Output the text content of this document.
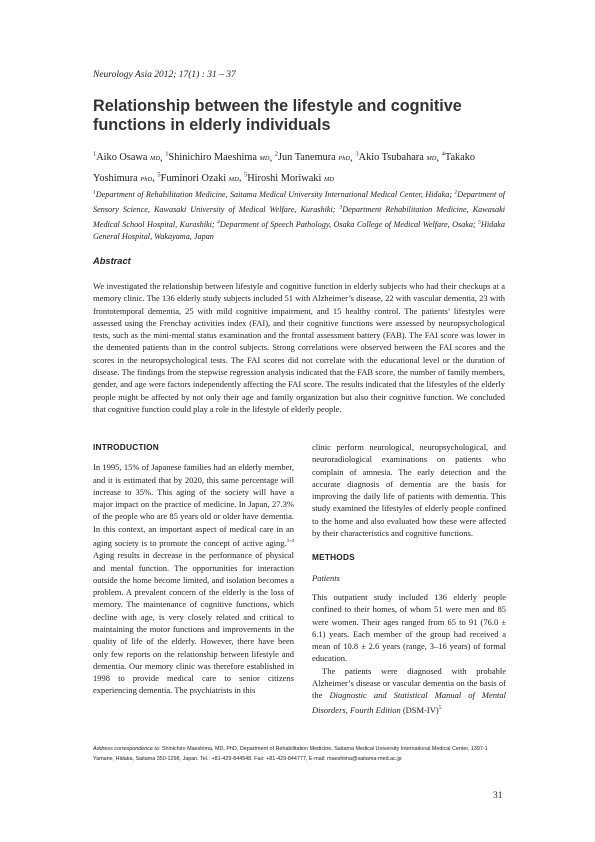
Neurology Asia 2012; 17(1) : 31 – 37
Relationship between the lifestyle and cognitive functions in elderly individuals
$^1$Aiko Osawa MD, $^1$Shinichiro Maeshima MD, $^2$Jun Tanemura PhD, $^3$Akio Tsubahara MD, $^4$Takako Yoshimura PhD, $^5$Fuminori Ozaki MD, $^5$Hiroshi Moriwaki MD
$^1$Department of Rehabilitation Medicine, Saitama Medical University International Medical Center, Hidaka; $^2$Department of Sensory Science, Kawasaki University of Medical Welfare, Kurashiki; $^3$Department Rehabilitation Medicine, Kawasaki Medical School Hospital, Kurashiki; $^4$Department of Speech Pathology, Osaka College of Medical Welfare, Osaka; $^5$Hidaka General Hospital, Wakayama, Japan
Abstract
We investigated the relationship between lifestyle and cognitive function in elderly subjects who had their checkups at a memory clinic. The 136 elderly study subjects included 51 with Alzheimer’s disease, 22 with vascular dementia, 23 with frontotemporal dementia, 25 with mild cognitive impairment, and 15 healthy control. The patients’ lifestyles were assessed using the Frenchay activities index (FAI), and their cognitive functions were assessed by neuropsychological tests, such as the mini-mental status examination and the frontal assessment battery (FAB). The FAI score was lower in the demented patients than in the control subjects. Strong correlations were observed between the FAI scores and the scores in the neuropsychological tests. The FAI scores did not correlate with the educational level or the duration of disease. The findings from the stepwise regression analysis indicated that the FAB score, the number of family members, gender, and age were factors independently affecting the FAI score. The results indicated that the lifestyles of the elderly people might be affected by not only their age and family organization but also their cognitive function. We concluded that cognitive function could play a role in the lifestyle of elderly people.
INTRODUCTION

In 1995, 15% of Japanese families had an elderly member, and it is estimated that by 2020, this same percentage will increase to 35%. This aging of the society will have a major impact on the practice of medicine. In Japan, 27.3% of the people who are 85 years old or older have dementia. In this context, an important aspect of medical care in an aging society is to promote the concept of active aging.$^{1-4}$ Aging results in decrease in the performance of physical and mental function. The opportunities for interaction outside the home become limited, and isolation becomes a problem. A prevalent concern of the elderly is the loss of memory. The maintenance of cognitive functions, which decline with age, is very closely related and critical to maintaining the motor functions and improvements in the quality of life of the elderly. However, there have been only few reports on the relationship between lifestyle and dementia. Our memory clinic was therefore established in 1998 to provide medical care to senior citizens experiencing dementia. The psychiatrists in this

clinic perform neurological, neuropsychological, and neuroradiological examinations on patients who complain of amnesia. The early detection and the accurate diagnosis of dementia are the basis for improving the daily life of patients with dementia. This study examined the lifestyles of elderly people confined to the home and also evaluated how these were affected by their characteristics and cognitive functions.

METHODS
Patients

This outpatient study included 136 elderly people confined to their homes, of whom 51 were men and 85 were women. Their ages ranged from 65 to 91 (76.0 ± 6.1) years. Each member of the group had received a mean of 10.8 ± 2.6 years (range, 3–16 years) of formal education.

The patients were diagnosed with probable Alzheimer’s disease or vascular dementia on the basis of the Diagnostic and Statistical Manual of Mental Disorders, Fourth Edition $(DSM-IV)^5$

Address correspondence to: Shinichiro Maeshima, MD, PhD, Department of Rehabilitation Medicine, Saitama Medical University International Medical Center, 1397-1 Yamane, Hidaka, Saitama 350-1298, Japan. Tel.: +81-429-844548. Fax: +81-429-844777, E-mail: maeshima@saitama-med.ac.jp
31
